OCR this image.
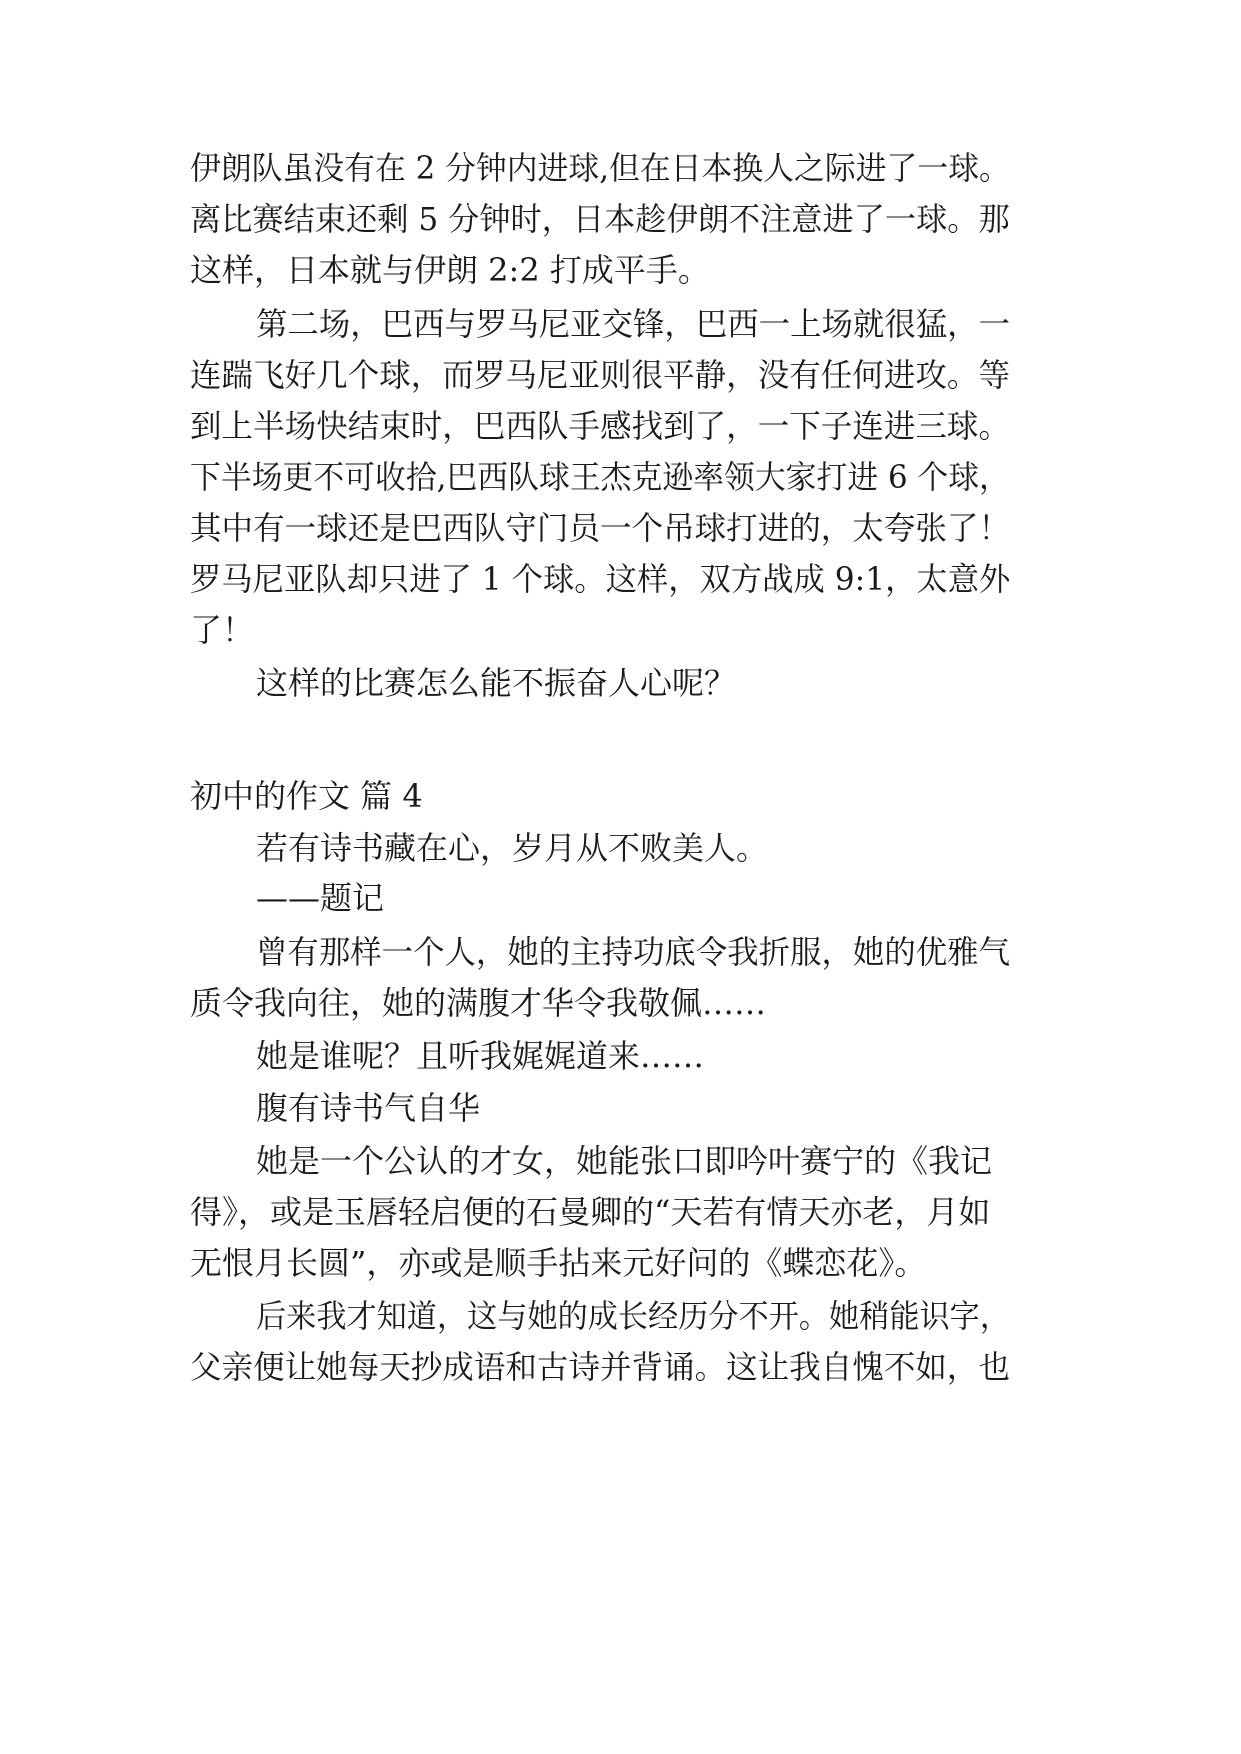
伊朗队虽没有在 2 分钟内进球,但在日本换人之际进了一球。
离比赛结束还剩 5 分钟时，日本趁伊朗不注意进了一球。那
这样，日本就与伊朗 2:2 打成平手。
第二场，巴西与罗马尼亚交锋，巴西一上场就很猛，一
连踹飞好几个球，而罗马尼亚则很平静，没有任何进攻。等
到上半场快结束时，巴西队手感找到了，一下子连进三球。
下半场更不可收拾,巴西队球王杰克逊率领大家打进 6 个球，
其中有一球还是巴西队守门员一个吊球打进的，太夸张了！
罗马尼亚队却只进了 1 个球。这样，双方战成 9:1，太意外
了！
这样的比赛怎么能不振奋人心呢？
初中的作文 篇 4
若有诗书藏在心，岁月从不败美人。
——题记
曾有那样一个人，她的主持功底令我折服，她的优雅气
质令我向往，她的满腹才华令我敬佩……
她是谁呢？且听我娓娓道来……
腹有诗书气自华
她是一个公认的才女，她能张口即吟叶赛宁的《我记
得》，或是玉唇轻启便的石曼卿的“天若有情天亦老，月如
无恨月长圆”，亦或是顺手拈来元好问的《蝶恋花》。
后来我才知道，这与她的成长经历分不开。她稍能识字，
父亲便让她每天抄成语和古诗并背诵。这让我自愧不如，也
